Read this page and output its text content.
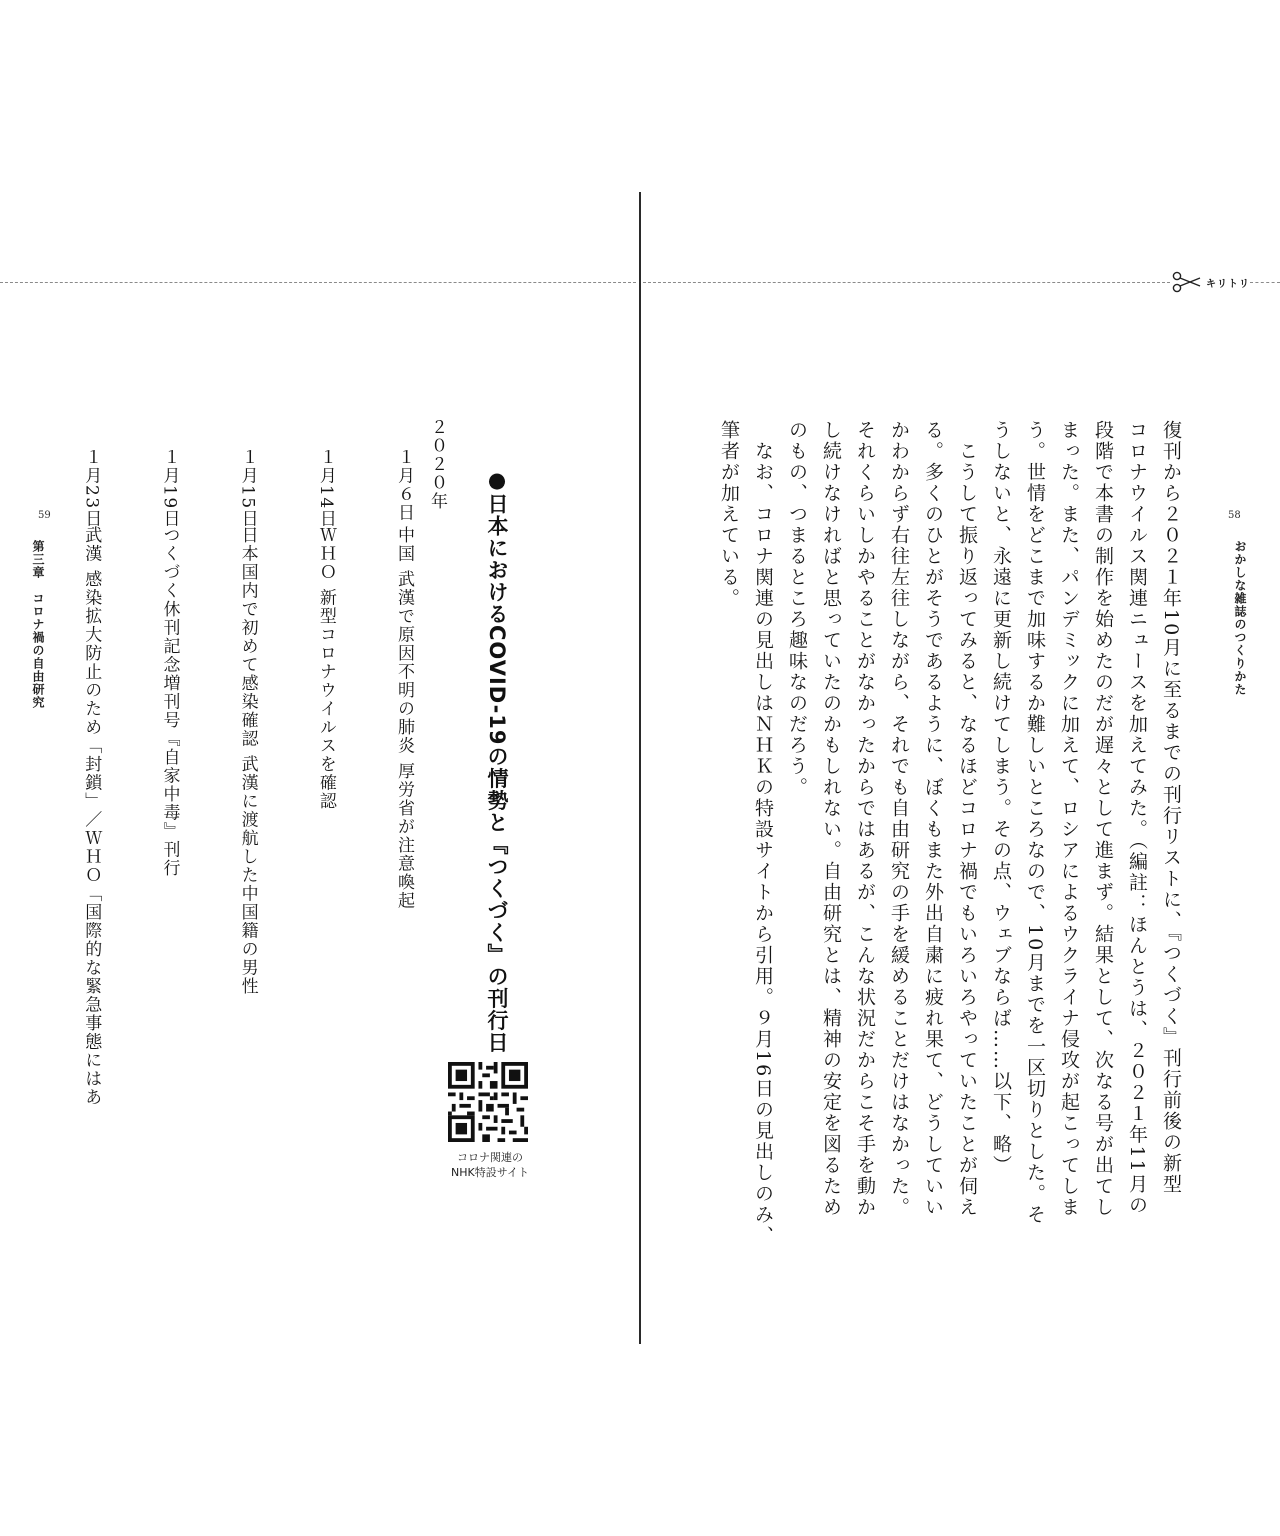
キリトリ
58
おかしな雑誌のつくりかた
復刊から２０２１年10月に至るまでの刊行リストに、『つくづく』刊行前後の新型
コロナウイルス関連ニュースを加えてみた。（編註：ほんとうは、２０２１年11月の
段階で本書の制作を始めたのだが遅々として進まず。結果として、次なる号が出てし
まった。また、パンデミックに加えて、ロシアによるウクライナ侵攻が起こってしま
う。世情をどこまで加味するか難しいところなので、10月までを一区切りとした。そ
うしないと、永遠に更新し続けてしまう。その点、ウェブならば……以下、略）
　こうして振り返ってみると、なるほどコロナ禍でもいろいろやっていたことが伺え
る。多くのひとがそうであるように、ぼくもまた外出自粛に疲れ果て、どうしていい
かわからず右往左往しながら、それでも自由研究の手を緩めることだけはなかった。
それくらいしかやることがなかったからではあるが、こんな状況だからこそ手を動か
し続けなければと思っていたのかもしれない。自由研究とは、精神の安定を図るため
のもの、つまるところ趣味なのだろう。
　なお、コロナ関連の見出しはＮＨＫの特設サイトから引用。９月16日の見出しのみ、
筆者が加えている。
59
第三章　コロナ禍の自由研究	●日本におけるCOVID-19の情勢と『つくづく』の刊行日
２０２０年
１月６日中国 武漢で原因不明の肺炎 厚労省が注意喚起
１月14日ＷＨＯ 新型コロナウイルスを確認
１月15日日本国内で初めて感染確認 武漢に渡航した中国籍の男性
１月19日つくづく休刊記念増刊号『自家中毒』刊行
１月23日武漢 感染拡大防止のため「封鎖」／ＷＨＯ「国際的な緊急事態にはあ
コロナ関連の
NHK特設サイト
